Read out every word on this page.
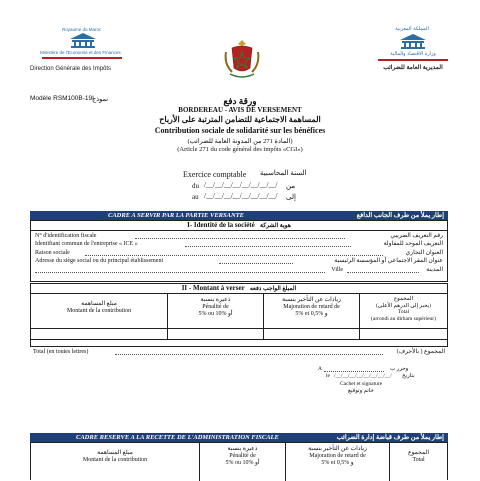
Royaume du Maroc
Ministère de l'Economie et des Finances
Direction Générale des Impôts
المملكة المغربية
وزارة الاقتصاد والمالية
المديرية العامة للضرائب
Modèle RSM100B-19I
نموذج	ورقة دفع
BORDEREAU - AVIS DE VERSEMENT
المساهمة الاجتماعية للتضامن المترتبة على الأرباح
Contribution sociale de solidarité sur les bénéfices
(المادة 271 من المدونة العامة للضرائب)
(Article 271 du code général des impôts «CGI»)
Exercice comptable السنة المحاسبية
du /__/__/__/__/__/__/__/__/ من
au /__/__/__/__/__/__/__/__/ إلى
CADRE A SERVIR PAR LA PARTIE VERSANTE	إطار يملأ من طرف الجانب الدافع
I- Identité de la société هوية الشركة
N° d'identification fiscale	رقم التعريف الضريبي
Identifiant commun de l'entreprise « ICE »	التعريف الموحد للمقاولة
Raison sociale	العنوان التجاري
Adresse du siège social ou du principal établissement	عنوان المقر الاجتماعي أو المؤسسة الرئيسية
Ville	المدينة
II - Montant à verser المبلغ الواجب دفعه
مبلغ المساهمة
Montant de la contribution
ذعيرة بنسبة
Pénalité de
5% ou 10% أو
زيادات عن التأخير بنسبة
Majoration de retard de
5% et 0,5% و
المجموع
(يحبر إلى الدرهم الأعلى)
Total
(arrondi au dirham supérieur)
Total (en toutes lettres)	المجموع ( بالأحرف)
A	وحرر ب
le /__/__/__/__/__/__/__/__/ بتاريخ
Cachet et signature
خاتم وتوقيع
CADRE RESERVE A LA RECETTE DE L'ADMINISTRATION FISCALE	إطار يملأ من طرف قباضة إدارة الضرائب
مبلغ المساهمة
Montant de la contribution
ذعيرة بنسبة
Pénalité de
5% ou 10% أو
زيادات عن التأخير بنسبة
Majoration de retard de
5% et 0,5% و
المجموع
Total
